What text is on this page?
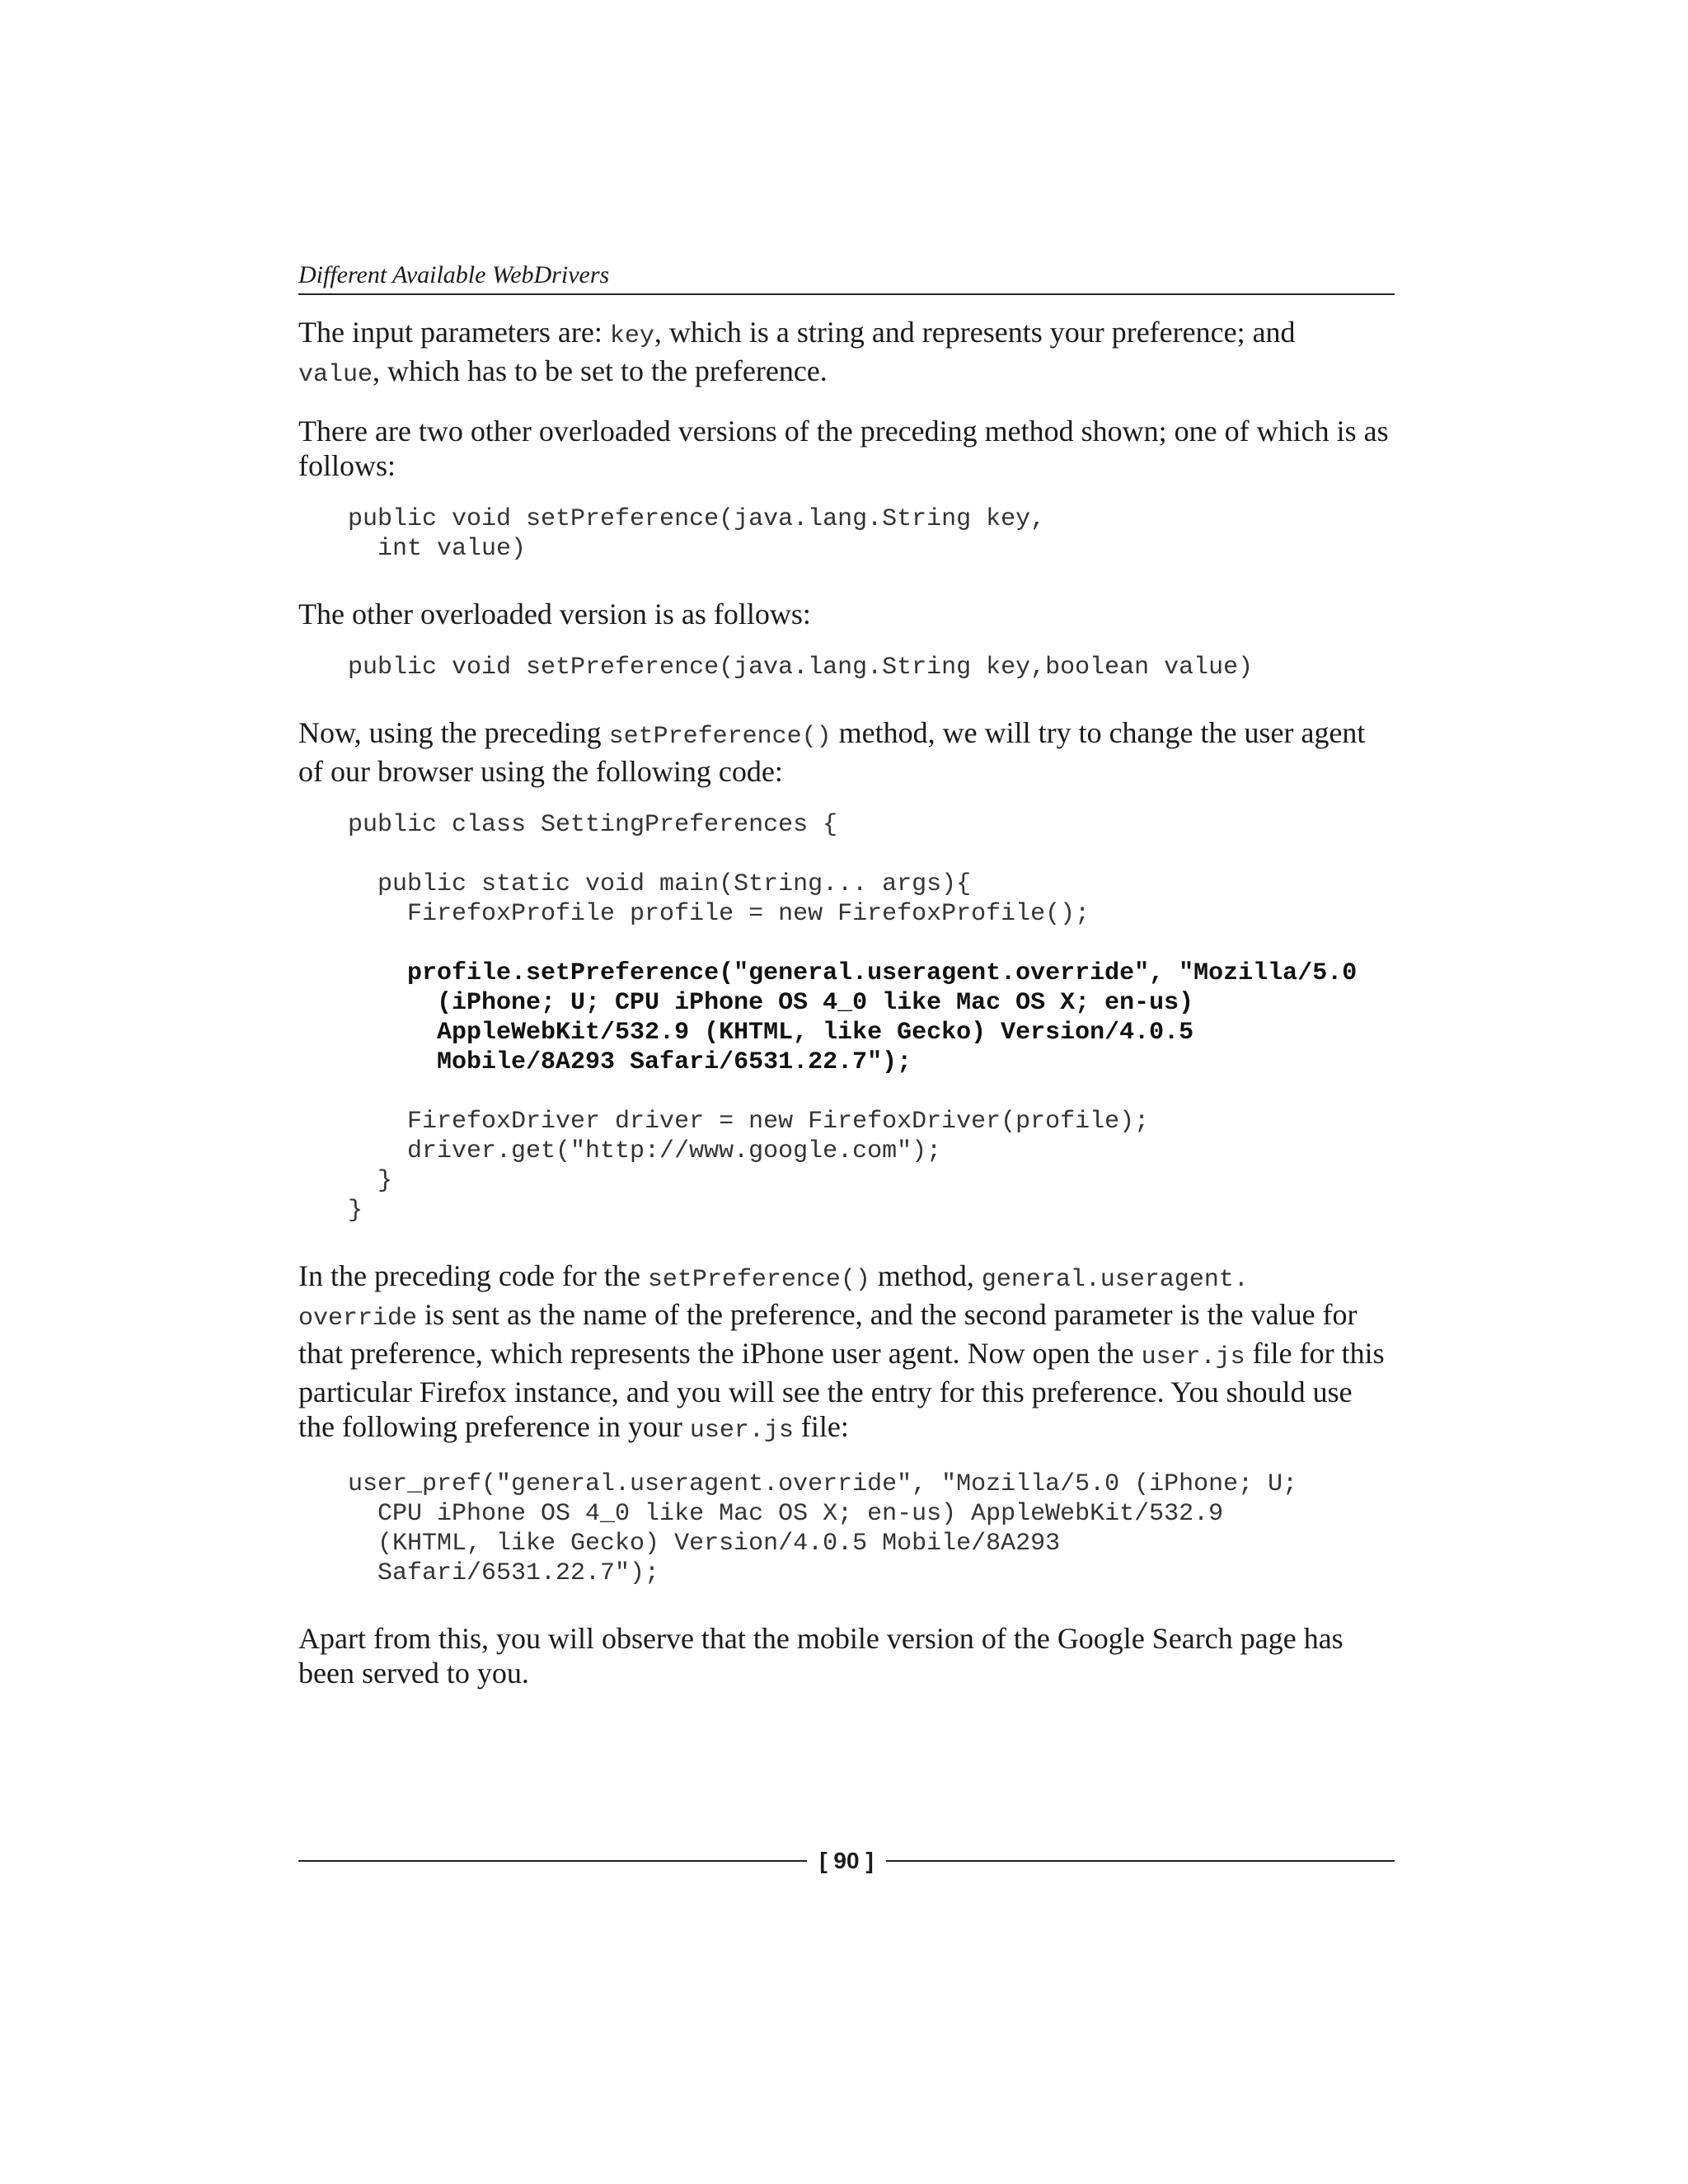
Different Available WebDrivers

The input parameters are: key, which is a string and represents your preference; and
value, which has to be set to the preference.

There are two other overloaded versions of the preceding method shown; one of which is as follows:

public void setPreference(java.lang.String key,
int value)

The other overloaded version is as follows:

public void setPreference(java.lang.String key,boolean value)

Now, using the preceding setPreference() method, we will try to change the user agent of our browser using the following code:

public class SettingPreferences {
public static void main(String... args){
FirefoxProfile profile = new FirefoxProfile();
profile.setPreference("general.useragent.override", "Mozilla/5.0
(iPhone; U; CPU iPhone OS 4_0 like Mac OS X; en-us)
AppleWebKit/532.9 (KHTML, like Gecko) Version/4.0.5
Mobile/8A293 Safari/6531.22.7");
FirefoxDriver driver = new FirefoxDriver(profile);
driver.get("http://www.google.com");
}
}

In the preceding code for the setPreference() method, general.useragent.
override is sent as the name of the preference, and the second parameter is the value for that preference, which represents the iPhone user agent. Now open the user.js file for this particular Firefox instance, and you will see the entry for this preference. You should use the following preference in your user.js file:

user_pref("general.useragent.override", "Mozilla/5.0 (iPhone; U;
CPU iPhone OS 4_0 like Mac OS X; en-us) AppleWebKit/532.9
(KHTML, like Gecko) Version/4.0.5 Mobile/8A293
Safari/6531.22.7");

Apart from this, you will observe that the mobile version of the Google Search page has been served to you.

[ 90 ]
